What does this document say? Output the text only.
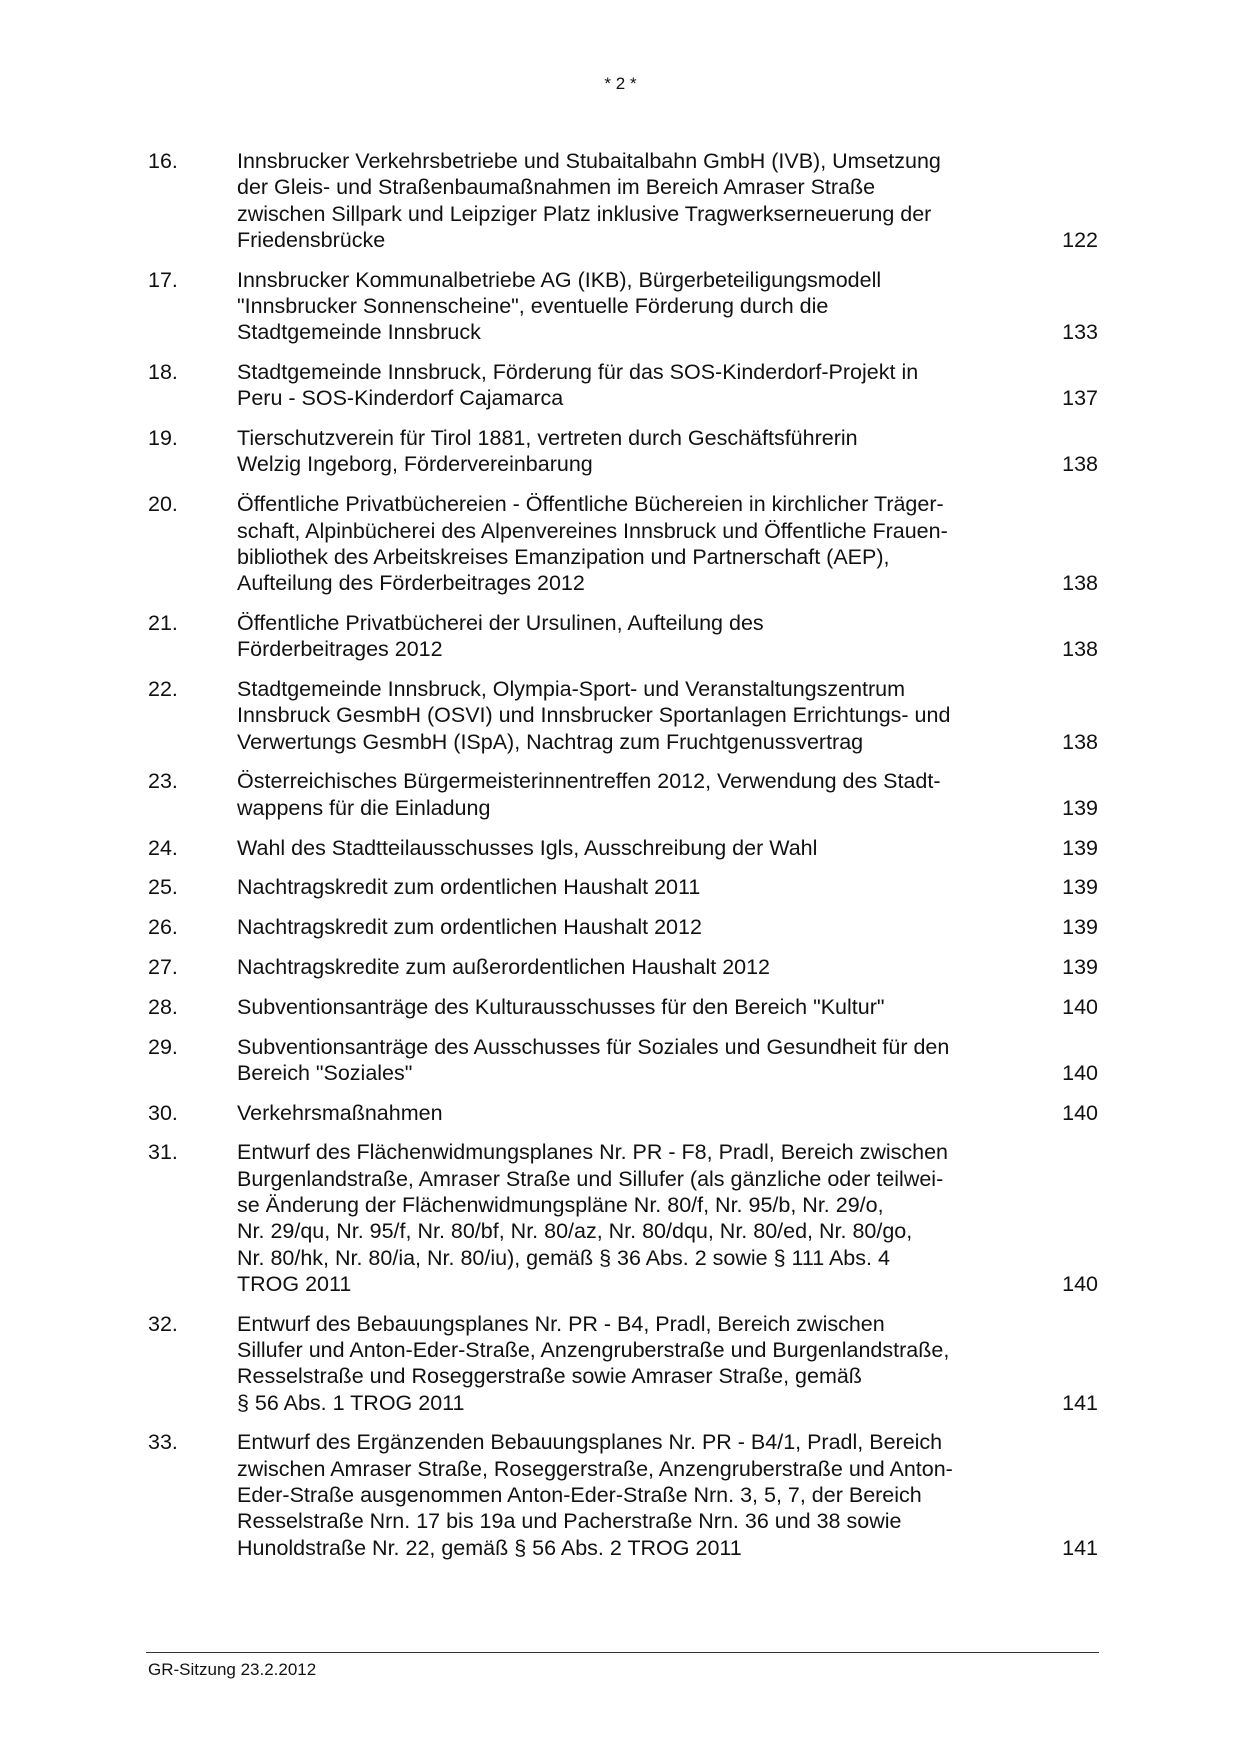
* 2 *
16.	Innsbrucker Verkehrsbetriebe und Stubaitalbahn GmbH (IVB), Umsetzung
der Gleis- und Straßenbaumaßnahmen im Bereich Amraser Straße
zwischen Sillpark und Leipziger Platz inklusive Tragwerkserneuerung der
Friedensbrücke	122
17.	Innsbrucker Kommunalbetriebe AG (IKB), Bürgerbeteiligungsmodell
"Innsbrucker Sonnenscheine", eventuelle Förderung durch die
Stadtgemeinde Innsbruck	133
18.	Stadtgemeinde Innsbruck, Förderung für das SOS-Kinderdorf-Projekt in
Peru - SOS-Kinderdorf Cajamarca	137
19.	Tierschutzverein für Tirol 1881, vertreten durch Geschäftsführerin
Welzig Ingeborg, Fördervereinbarung	138
20.	Öffentliche Privatbüchereien - Öffentliche Büchereien in kirchlicher Träger-
schaft, Alpinbücherei des Alpenvereines Innsbruck und Öffentliche Frauen-
bibliothek des Arbeitskreises Emanzipation und Partnerschaft (AEP),
Aufteilung des Förderbeitrages 2012	138
21.	Öffentliche Privatbücherei der Ursulinen, Aufteilung des
Förderbeitrages 2012	138
22.	Stadtgemeinde Innsbruck, Olympia-Sport- und Veranstaltungszentrum
Innsbruck GesmbH (OSVI) und Innsbrucker Sportanlagen Errichtungs- und
Verwertungs GesmbH (ISpA), Nachtrag zum Fruchtgenussvertrag	138
23.	Österreichisches Bürgermeisterinnentreffen 2012, Verwendung des Stadt-
wappens für die Einladung	139
24.	Wahl des Stadtteilausschusses Igls, Ausschreibung der Wahl	139
25.	Nachtragskredit zum ordentlichen Haushalt 2011	139
26.	Nachtragskredit zum ordentlichen Haushalt 2012	139
27.	Nachtragskredite zum außerordentlichen Haushalt 2012	139
28.	Subventionsanträge des Kulturausschusses für den Bereich "Kultur"	140
29.	Subventionsanträge des Ausschusses für Soziales und Gesundheit für den
Bereich "Soziales"	140
30.	Verkehrsmaßnahmen	140
31.	Entwurf des Flächenwidmungsplanes Nr. PR - F8, Pradl, Bereich zwischen
Burgenlandstraße, Amraser Straße und Sillufer (als gänzliche oder teilwei-
se Änderung der Flächenwidmungspläne Nr. 80/f, Nr. 95/b, Nr. 29/o,
Nr. 29/qu, Nr. 95/f, Nr. 80/bf, Nr. 80/az, Nr. 80/dqu, Nr. 80/ed, Nr. 80/go,
Nr. 80/hk, Nr. 80/ia, Nr. 80/iu), gemäß § 36 Abs. 2 sowie § 111 Abs. 4
TROG 2011	140
32.	Entwurf des Bebauungsplanes Nr. PR - B4, Pradl, Bereich zwischen
Sillufer und Anton-Eder-Straße, Anzengruberstraße und Burgenlandstraße,
Resselstraße und Roseggerstraße sowie Amraser Straße, gemäß
§ 56 Abs. 1 TROG 2011	141
33.	Entwurf des Ergänzenden Bebauungsplanes Nr. PR - B4/1, Pradl, Bereich
zwischen Amraser Straße, Roseggerstraße, Anzengruberstraße und Anton-
Eder-Straße ausgenommen Anton-Eder-Straße Nrn. 3, 5, 7, der Bereich
Resselstraße Nrn. 17 bis 19a und Pacherstraße Nrn. 36 und 38 sowie
Hunoldstraße Nr. 22, gemäß § 56 Abs. 2 TROG 2011	141
GR-Sitzung 23.2.2012
